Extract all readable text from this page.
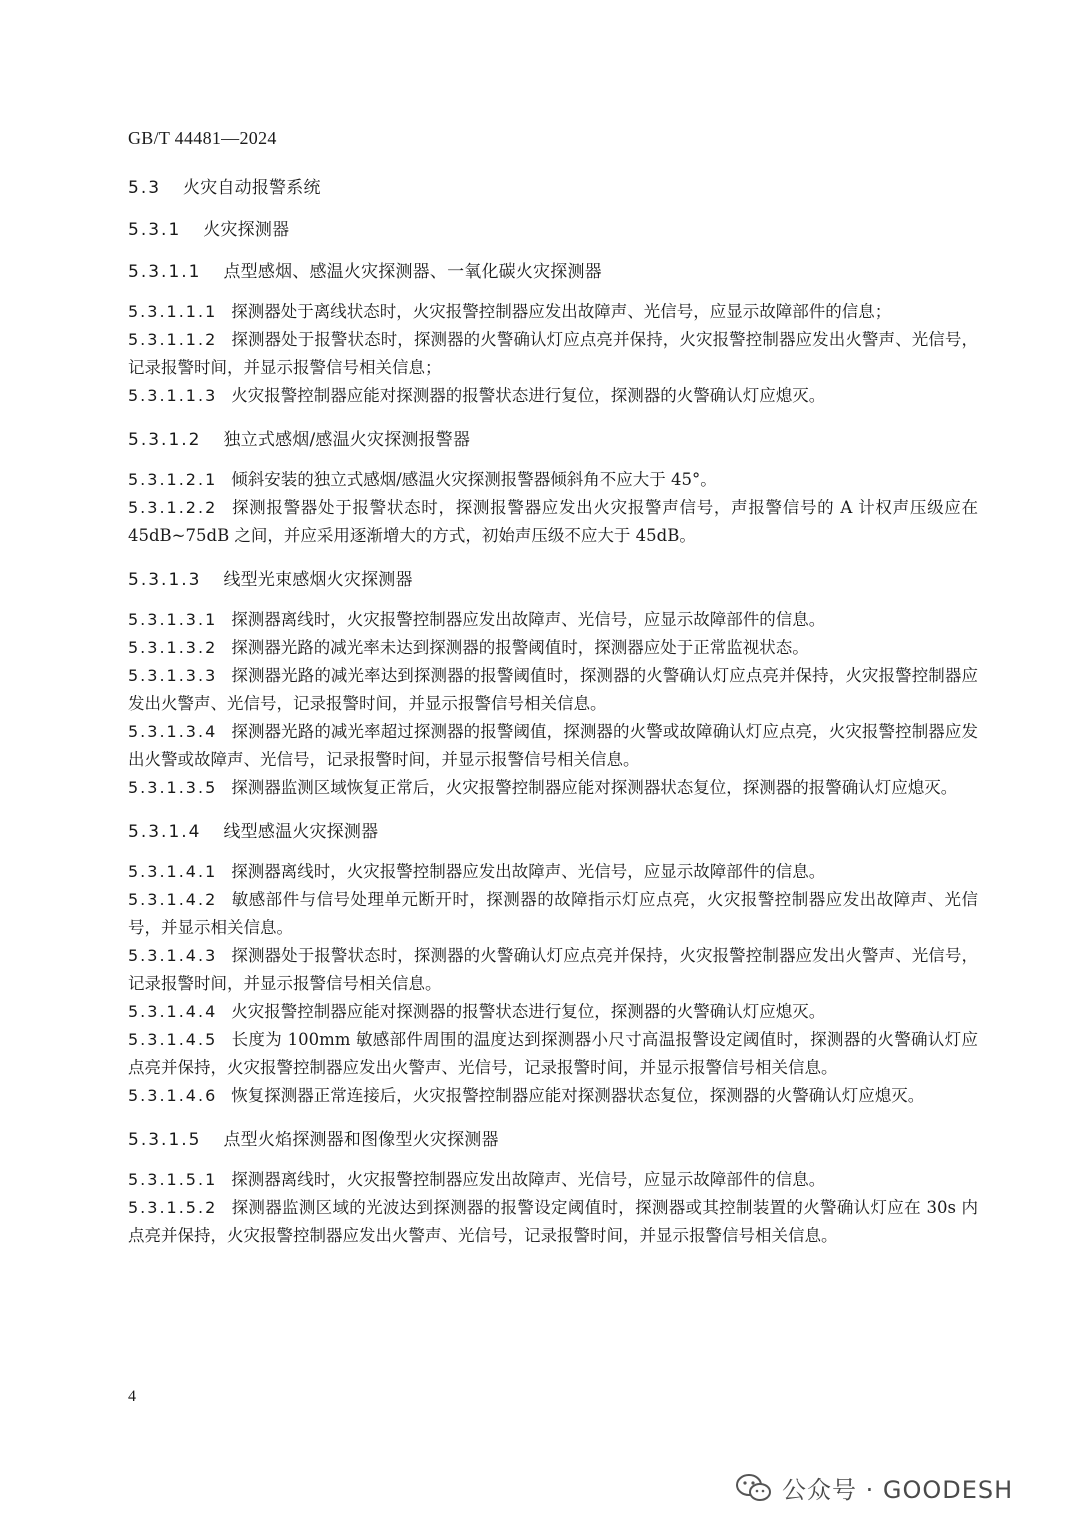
GB/T 44481—2024
5.3 火灾自动报警系统
5.3.1 火灾探测器
5.3.1.1 点型感烟、感温火灾探测器、一氧化碳火灾探测器

5.3.1.1.1 探测器处于离线状态时，火灾报警控制器应发出故障声、光信号，应显示故障部件的信息；

5.3.1.1.2 探测器处于报警状态时，探测器的火警确认灯应点亮并保持，火灾报警控制器应发出火警声、光信号，记录报警时间，并显示报警信号相关信息；

5.3.1.1.3 火灾报警控制器应能对探测器的报警状态进行复位，探测器的火警确认灯应熄灭。

5.3.1.2 独立式感烟/感温火灾探测报警器

5.3.1.2.1 倾斜安装的独立式感烟/感温火灾探测报警器倾斜角不应大于 45°。

5.3.1.2.2 探测报警器处于报警状态时，探测报警器应发出火灾报警声信号，声报警信号的 A 计权声压级应在 45dB~75dB 之间，并应采用逐渐增大的方式，初始声压级不应大于 45dB。

5.3.1.3 线型光束感烟火灾探测器

5.3.1.3.1 探测器离线时，火灾报警控制器应发出故障声、光信号，应显示故障部件的信息。

5.3.1.3.2 探测器光路的减光率未达到探测器的报警阈值时，探测器应处于正常监视状态。

5.3.1.3.3 探测器光路的减光率达到探测器的报警阈值时，探测器的火警确认灯应点亮并保持，火灾报警控制器应发出火警声、光信号，记录报警时间，并显示报警信号相关信息。

5.3.1.3.4 探测器光路的减光率超过探测器的报警阈值，探测器的火警或故障确认灯应点亮，火灾报警控制器应发出火警或故障声、光信号，记录报警时间，并显示报警信号相关信息。

5.3.1.3.5 探测器监测区域恢复正常后，火灾报警控制器应能对探测器状态复位，探测器的报警确认灯应熄灭。

5.3.1.4 线型感温火灾探测器

5.3.1.4.1 探测器离线时，火灾报警控制器应发出故障声、光信号，应显示故障部件的信息。

5.3.1.4.2 敏感部件与信号处理单元断开时，探测器的故障指示灯应点亮，火灾报警控制器应发出故障声、光信号，并显示相关信息。

5.3.1.4.3 探测器处于报警状态时，探测器的火警确认灯应点亮并保持，火灾报警控制器应发出火警声、光信号，记录报警时间，并显示报警信号相关信息。

5.3.1.4.4 火灾报警控制器应能对探测器的报警状态进行复位，探测器的火警确认灯应熄灭。

5.3.1.4.5 长度为 100mm 敏感部件周围的温度达到探测器小尺寸高温报警设定阈值时，探测器的火警确认灯应点亮并保持，火灾报警控制器应发出火警声、光信号，记录报警时间，并显示报警信号相关信息。

5.3.1.4.6 恢复探测器正常连接后，火灾报警控制器应能对探测器状态复位，探测器的火警确认灯应熄灭。

5.3.1.5 点型火焰探测器和图像型火灾探测器

5.3.1.5.1 探测器离线时，火灾报警控制器应发出故障声、光信号，应显示故障部件的信息。

5.3.1.5.2 探测器监测区域的光波达到探测器的报警设定阈值时，探测器或其控制装置的火警确认灯应在 30s 内点亮并保持，火灾报警控制器应发出火警声、光信号，记录报警时间，并显示报警信号相关信息。

4
公众号 · GOODESH
